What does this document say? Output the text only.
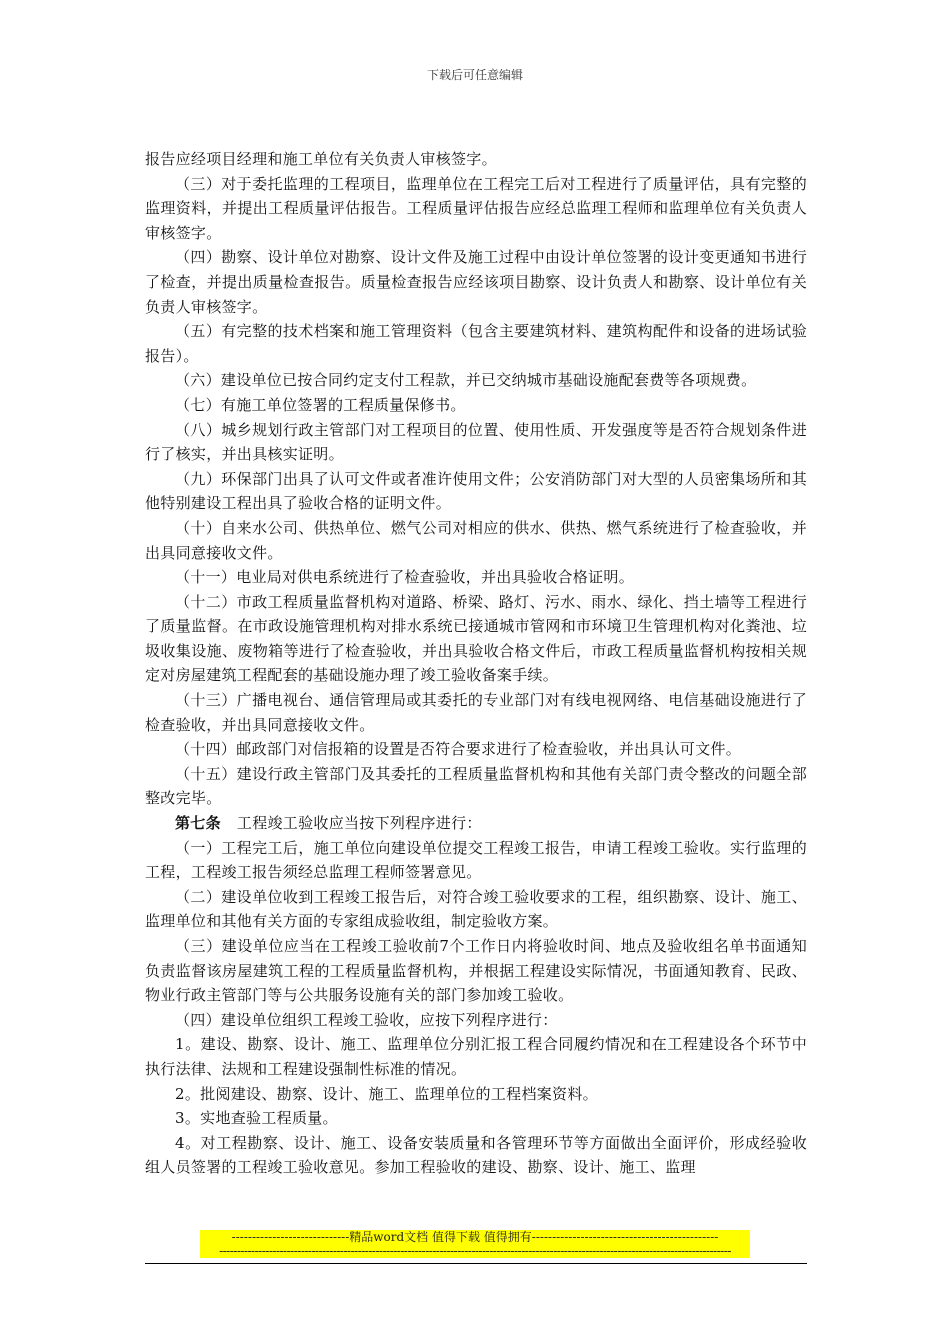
下载后可任意编辑

报告应经项目经理和施工单位有关负责人审核签字。

（三）对于委托监理的工程项目，监理单位在工程完工后对工程进行了质量评估，具有完整的监理资料，并提出工程质量评估报告。工程质量评估报告应经总监理工程师和监理单位有关负责人审核签字。

（四）勘察、设计单位对勘察、设计文件及施工过程中由设计单位签署的设计变更通知书进行了检查，并提出质量检查报告。质量检查报告应经该项目勘察、设计负责人和勘察、设计单位有关负责人审核签字。

（五）有完整的技术档案和施工管理资料（包含主要建筑材料、建筑构配件和设备的进场试验报告）。

（六）建设单位已按合同约定支付工程款，并已交纳城市基础设施配套费等各项规费。

（七）有施工单位签署的工程质量保修书。

（八）城乡规划行政主管部门对工程项目的位置、使用性质、开发强度等是否符合规划条件进行了核实，并出具核实证明。

（九）环保部门出具了认可文件或者准许使用文件；公安消防部门对大型的人员密集场所和其他特别建设工程出具了验收合格的证明文件。

（十）自来水公司、供热单位、燃气公司对相应的供水、供热、燃气系统进行了检查验收，并出具同意接收文件。

（十一）电业局对供电系统进行了检查验收，并出具验收合格证明。

（十二）市政工程质量监督机构对道路、桥梁、路灯、污水、雨水、绿化、挡土墙等工程进行了质量监督。在市政设施管理机构对排水系统已接通城市管网和市环境卫生管理机构对化粪池、垃圾收集设施、废物箱等进行了检查验收，并出具验收合格文件后，市政工程质量监督机构按相关规定对房屋建筑工程配套的基础设施办理了竣工验收备案手续。

（十三）广播电视台、通信管理局或其委托的专业部门对有线电视网络、电信基础设施进行了检查验收，并出具同意接收文件。

（十四）邮政部门对信报箱的设置是否符合要求进行了检查验收，并出具认可文件。

（十五）建设行政主管部门及其委托的工程质量监督机构和其他有关部门责令整改的问题全部整改完毕。

第七条 工程竣工验收应当按下列程序进行：

（一）工程完工后，施工单位向建设单位提交工程竣工报告，申请工程竣工验收。实行监理的工程，工程竣工报告须经总监理工程师签署意见。

（二）建设单位收到工程竣工报告后，对符合竣工验收要求的工程，组织勘察、设计、施工、监理单位和其他有关方面的专家组成验收组，制定验收方案。

（三）建设单位应当在工程竣工验收前7个工作日内将验收时间、地点及验收组名单书面通知负责监督该房屋建筑工程的工程质量监督机构，并根据工程建设实际情况，书面通知教育、民政、物业行政主管部门等与公共服务设施有关的部门参加竣工验收。

（四）建设单位组织工程竣工验收，应按下列程序进行：

1。建设、勘察、设计、施工、监理单位分别汇报工程合同履约情况和在工程建设各个环节中执行法律、法规和工程建设强制性标准的情况。

2。批阅建设、勘察、设计、施工、监理单位的工程档案资料。

3。实地查验工程质量。

4。对工程勘察、设计、施工、设备安装质量和各管理环节等方面做出全面评价，形成经验收组人员签署的工程竣工验收意见。参加工程验收的建设、勘察、设计、施工、监理

-----------------------------精品word文档 值得下载 值得拥有----------------------------------------------
------------------------------------------------------------------------------------------------------------------------------------------------
